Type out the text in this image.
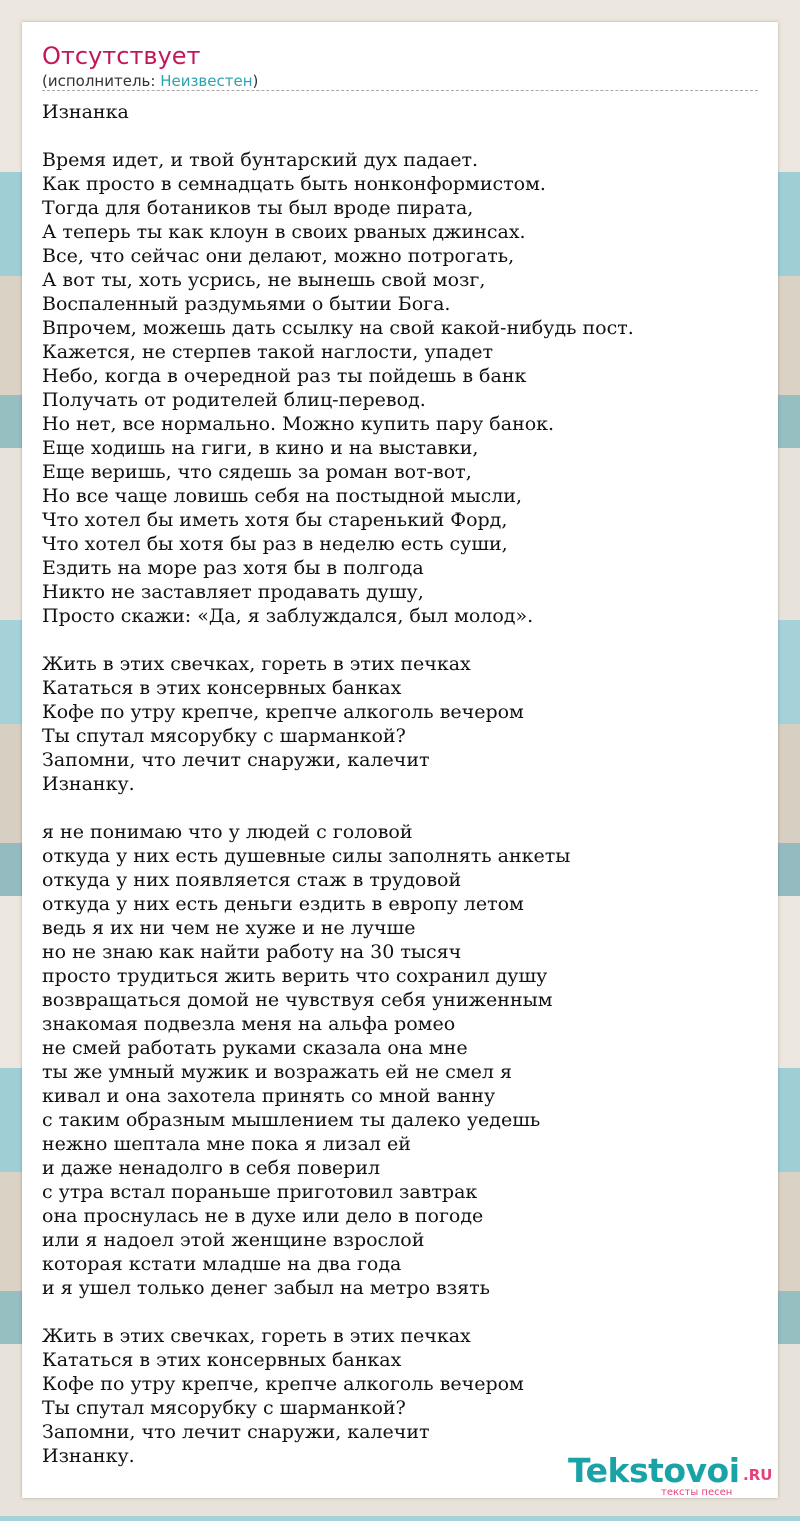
Отсутствует
(исполнитель: Неизвестен)
Изнанка

Время идет, и твой бунтарский дух падает.
Как просто в семнадцать быть нонконформистом.
Тогда для ботаников ты был вроде пирата,
А теперь ты как клоун в своих рваных джинсах.
Все, что сейчас они делают, можно потрогать,
А вот ты, хоть усрись, не вынешь свой мозг,
Воспаленный раздумьями о бытии Бога.
Впрочем, можешь дать ссылку на свой какой-нибудь пост.
Кажется, не стерпев такой наглости, упадет
Небо, когда в очередной раз ты пойдешь в банк
Получать от родителей блиц-перевод.
Но нет, все нормально. Можно купить пару банок.
Еще ходишь на гиги, в кино и на выставки,
Еще веришь, что сядешь за роман вот-вот,
Но все чаще ловишь себя на постыдной мысли,
Что хотел бы иметь хотя бы старенький Форд,
Что хотел бы хотя бы раз в неделю есть суши,
Ездить на море раз хотя бы в полгода
Никто не заставляет продавать душу,
Просто скажи: «Да, я заблуждался, был молод».

Жить в этих свечках, гореть в этих печках
Кататься в этих консервных банках
Кофе по утру крепче, крепче алкоголь вечером
Ты спутал мясорубку с шарманкой?
Запомни, что лечит снаружи, калечит
Изнанку.

я не понимаю что у людей с головой
откуда у них есть душевные силы заполнять анкеты
откуда у них появляется стаж в трудовой
откуда у них есть деньги ездить в европу летом
ведь я их ни чем не хуже и не лучше
но не знаю как найти работу на 30 тысяч
просто трудиться жить верить что сохранил душу
возвращаться домой не чувствуя себя униженным
знакомая подвезла меня на альфа ромео
не смей работать руками сказала она мне
ты же умный мужик и возражать ей не смел я
кивал и она захотела принять со мной ванну
с таким образным мышлением ты далеко уедешь
нежно шептала мне пока я лизал ей
и даже ненадолго в себя поверил
с утра встал пораньше приготовил завтрак
она проснулась не в духе или дело в погоде
или я надоел этой женщине взрослой
которая кстати младше на два года
и я ушел только денег забыл на метро взять

Жить в этих свечках, гореть в этих печках
Кататься в этих консервных банках
Кофе по утру крепче, крепче алкоголь вечером
Ты спутал мясорубку с шарманкой?
Запомни, что лечит снаружи, калечит
Изнанку.	Tekstovoi .RU
тексты песен
